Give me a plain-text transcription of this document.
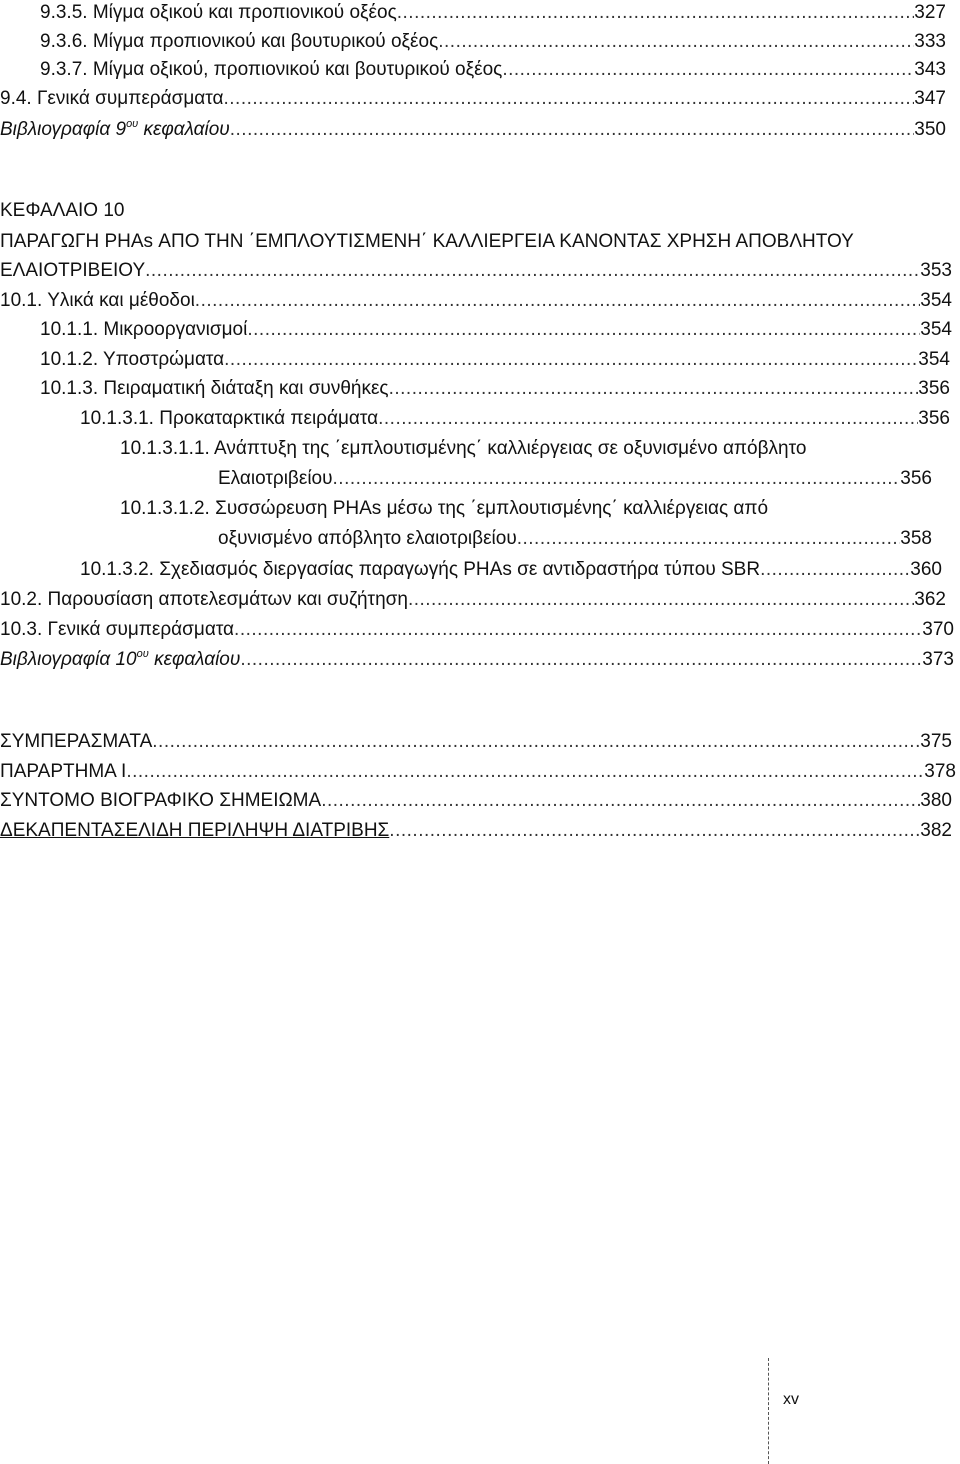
9.3.5. Μίγμα οξικού και προπιονικού οξέος .....	327
9.3.6. Μίγμα προπιονικού και βουτυρικού οξέος .....	333
9.3.7. Μίγμα οξικού, προπιονικού και βουτυρικού οξέος .....	343
9.4. Γενικά συμπεράσματα .....	347
Βιβλιογραφία $9^{o\upsilon}$ κεφαλαίου .....	350
ΚΕΦΑΛΑΙΟ 10
ΠΑΡΑΓΩΓΗ PHAs ΑΠΟ ΤΗΝ ΄ΕΜΠΛΟΥΤΙΣΜΕΝΗ΄ ΚΑΛΛΙΕΡΓΕΙΑ ΚΑΝΟΝΤΑΣ ΧΡΗΣΗ ΑΠΟΒΛΗΤΟΥ
ΕΛΑΙΟΤΡΙΒΕΙΟΥ .....	353
10.1. Υλικά και μέθοδοι .....	354
10.1.1. Μικροοργανισμοί .....	354
10.1.2. Υποστρώματα .....	354
10.1.3. Πειραματική διάταξη και συνθήκες .....	356
10.1.3.1. Προκαταρκτικά πειράματα .....	356
10.1.3.1.1. Ανάπτυξη της ΄εμπλουτισμένης΄ καλλιέργειας σε οξυνισμένο απόβλητο
Ελαιοτριβείου .....	356
10.1.3.1.2. Συσσώρευση PHAs μέσω της ΄εμπλουτισμένης΄ καλλιέργειας από
οξυνισμένο απόβλητο ελαιοτριβείου .....	358
10.1.3.2. Σχεδιασμός διεργασίας παραγωγής PHAs σε αντιδραστήρα τύπου SBR .....	360
10.2. Παρουσίαση αποτελεσμάτων και συζήτηση .....	362
10.3. Γενικά συμπεράσματα .....	370
Βιβλιογραφία $10^{o\upsilon}$ κεφαλαίου .....	373
ΣΥΜΠΕΡΑΣΜΑΤΑ .....	375
ΠΑΡΑΡΤΗΜΑ Ι .....	378
ΣΥΝΤΟΜΟ ΒΙΟΓΡΑΦΙΚΟ ΣΗΜΕΙΩΜΑ .....	380
ΔΕΚΑΠΕΝΤΑΣΕΛΙΔΗ ΠΕΡΙΛΗΨΗ ΔΙΑΤΡΙΒΗΣ .....	382
xv
